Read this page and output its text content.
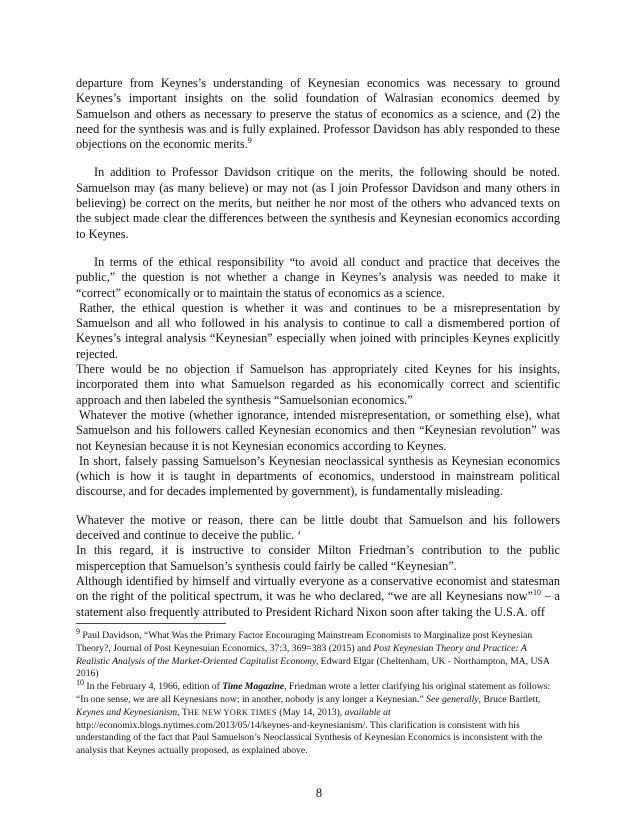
departure from Keynes’s understanding of Keynesian economics was necessary to ground Keynes’s important insights on the solid foundation of Walrasian economics deemed by Samuelson and others as necessary to preserve the status of economics as a science, and (2) the need for the synthesis was and is fully explained. Professor Davidson has ably responded to these objections on the economic merits.$^9$

In addition to Professor Davidson critique on the merits, the following should be noted. Samuelson may (as many believe) or may not (as I join Professor Davidson and many others in believing) be correct on the merits, but neither he nor most of the others who advanced texts on the subject made clear the differences between the synthesis and Keynesian economics according to Keynes.

In terms of the ethical responsibility “to avoid all conduct and practice that deceives the public,” the question is not whether a change in Keynes’s analysis was needed to make it “correct” economically or to maintain the status of economics as a science.

Rather, the ethical question is whether it was and continues to be a misrepresentation by Samuelson and all who followed in his analysis to continue to call a dismembered portion of Keynes’s integral analysis “Keynesian” especially when joined with principles Keynes explicitly rejected.

There would be no objection if Samuelson has appropriately cited Keynes for his insights, incorporated them into what Samuelson regarded as his economically correct and scientific approach and then labeled the synthesis “Samuelsonian economics.”

Whatever the motive (whether ignorance, intended misrepresentation, or something else), what Samuelson and his followers called Keynesian economics and then “Keynesian revolution” was not Keynesian because it is not Keynesian economics according to Keynes.

In short, falsely passing Samuelson’s Keynesian neoclassical synthesis as Keynesian economics (which is how it is taught in departments of economics, understood in mainstream political discourse, and for decades implemented by government), is fundamentally misleading.

Whatever the motive or reason, there can be little doubt that Samuelson and his followers deceived and continue to deceive the public. ‘

In this regard, it is instructive to consider Milton Friedman’s contribution to the public misperception that Samuelson’s synthesis could fairly be called “Keynesian”.

Although identified by himself and virtually everyone as a conservative economist and statesman on the right of the political spectrum, it was he who declared, “we are all Keynesians now”$^{10}$ – a statement also frequently attributed to President Richard Nixon soon after taking the U.S.A. off

$^9$ Paul Davidson, “What Was the Primary Factor Encouraging Mainstream Economists to Marginalize post Keynesian Theory?, Journal of Post Keynesuian Economics, 37:3, 369=383 (2015) and Post Keynesian Theory and Practice: A Realistic Analysis of the Market-Oriented Capitalist Economy, Edward Elgar (Cheltenham, UK - Northampton, MA, USA 2016)

$^{10}$ In the February 4, 1966, edition of Time Magazine, Friedman wrote a letter clarifying his original statement as follows: “In one sense, we are all Keynesians now; in another, nobody is any longer a Keynesian.” See generally, Bruce Bartlett, Keynes and Keynesianism, THE NEW YORK TIMES (May 14, 2013), available at http://economix.blogs.nytimes.com/2013/05/14/keynes-and-keynesianism/. This clarification is consistent with his understanding of the fact that Paul Samuelson’s Neoclassical Synthesis of Keynesian Economics is inconsistent with the analysis that Keynes actually proposed, as explained above.

8
